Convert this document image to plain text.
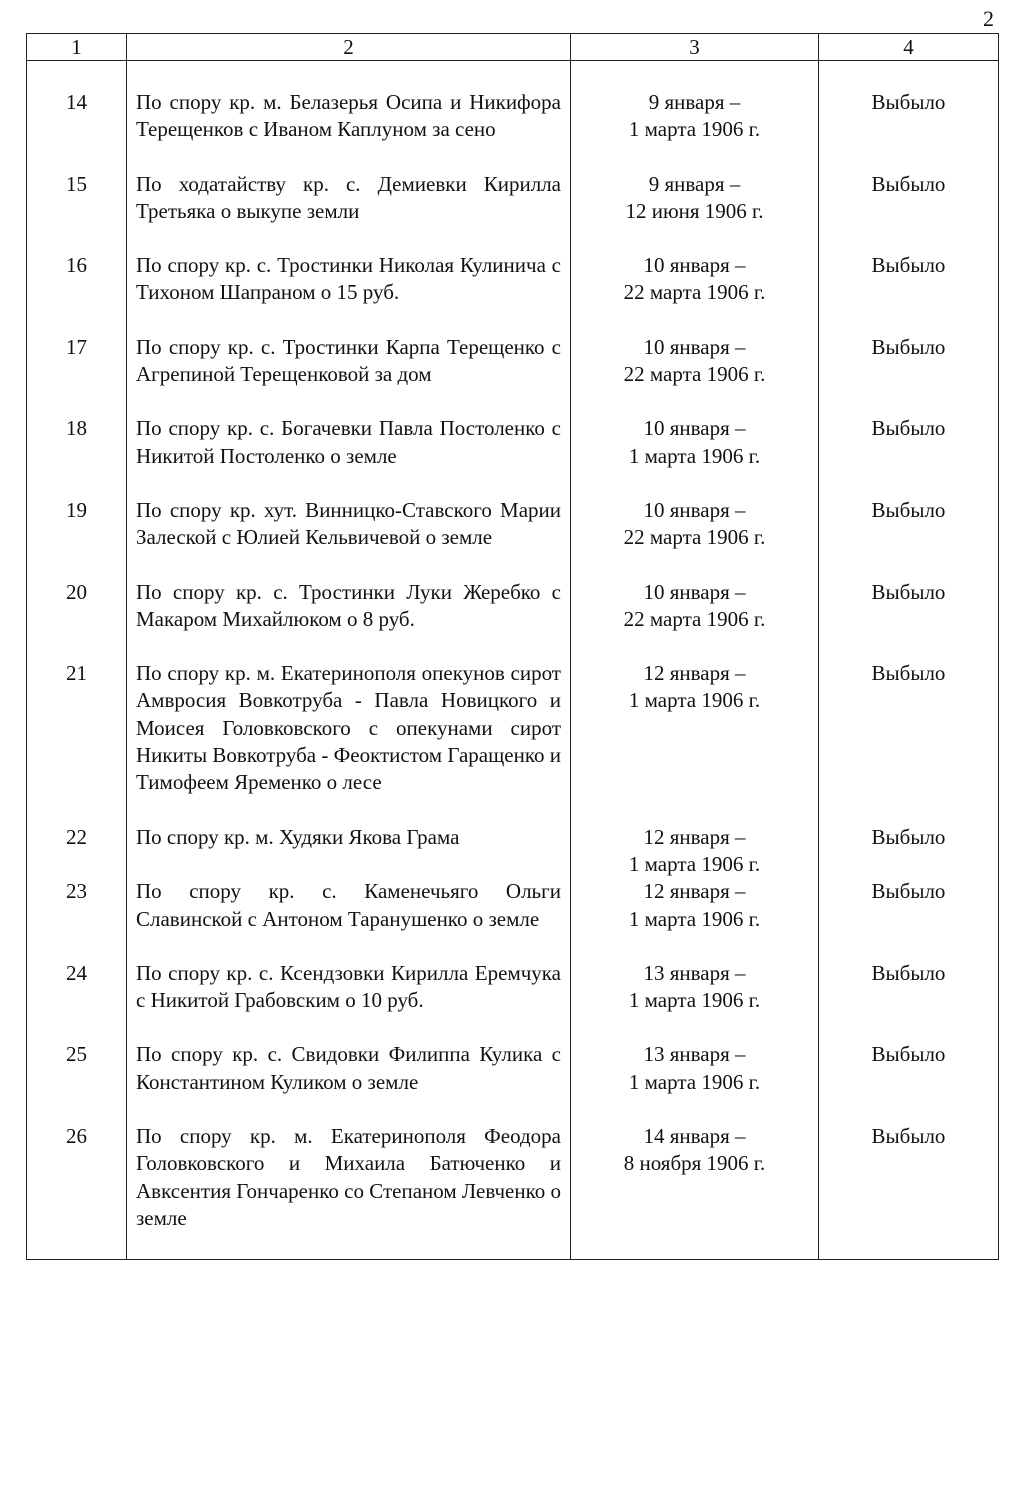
2
1	2	3	4
14	По спору кр. м. Белазерья Осипа и Никифора Терещенков с Иваном Каплуном за сено	9 января –
1 марта 1906 г.	Выбыло
15	По ходатайству кр. с. Демиевки Кирилла Третьяка о выкупе земли	9 января –
12 июня 1906 г.	Выбыло
16	По спору кр. с. Тростинки Николая Кулинича с Тихоном Шапраном о 15 руб.	10 января –
22 марта 1906 г.	Выбыло
17	По спору кр. с. Тростинки Карпа Терещенко с Агрепиной Терещенковой за дом	10 января –
22 марта 1906 г.	Выбыло
18	По спору кр. с. Богачевки Павла Постоленко с Никитой Постоленко о земле	10 января –
1 марта 1906 г.	Выбыло
19	По спору кр. хут. Винницко-Ставского Марии Залеской с Юлией Кельвичевой о земле	10 января –
22 марта 1906 г.	Выбыло
20	По спору кр. с. Тростинки Луки Жеребко с Макаром Михайлюком о 8 руб.	10 января –
22 марта 1906 г.	Выбыло
21	По спору кр. м. Екатеринополя опекунов сирот Амвросия Вовкотруба - Павла Новицкого и Моисея Головковского с опекунами сирот Никиты Вовкотруба - Феоктистом Гаращенко и Тимофеем Яременко о лесе	12 января –
1 марта 1906 г.	Выбыло
22	По спору кр. м. Худяки Якова Грама	12 января –
1 марта 1906 г.	Выбыло
23	По спору кр. с. Каменечьяго Ольги Славинской с Антоном Таранушенко о земле	12 января –
1 марта 1906 г.	Выбыло
24	По спору кр. с. Ксендзовки Кирилла Еремчука с Никитой Грабовским о 10 руб.	13 января –
1 марта 1906 г.	Выбыло
25	По спору кр. с. Свидовки Филиппа Кулика с Константином Куликом о земле	13 января –
1 марта 1906 г.	Выбыло
26	По спору кр. м. Екатеринополя Феодора Головковского и Михаила Батюченко и Авксентия Гончаренко со Степаном Левченко о земле	14 января –
8 ноября 1906 г.	Выбыло
